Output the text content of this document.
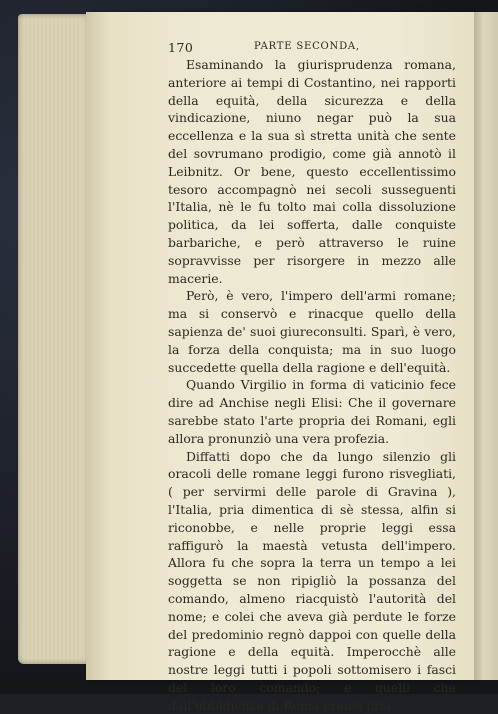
170	PARTE SECONDA,

Esaminando la giurisprudenza romana, anteriore ai tempi di Costantino, nei rapporti della equità, della sicurezza e della vindicazione, niuno negar può la sua eccellenza e la sua sì stretta unità che sente del sovrumano prodigio, come già annotò il Leibnitz. Or bene, questo eccellentissimo tesoro accompagnò nei secoli susseguenti l'Italia, nè le fu tolto mai colla dissoluzione politica, da lei sofferta, dalle conquiste barbariche, e però attraverso le ruine sopravvisse per risorgere in mezzo alle macerie.

Però, è vero, l'impero dell'armi romane; ma si conservò e rinacque quello della sapienza de' suoi giureconsulti. Sparì, è vero, la forza della conquista; ma in suo luogo succedette quella della ragione e dell'equità.

Quando Virgilio in forma di vaticinio fece dire ad Anchise negli Elisi: Che il governare sarebbe stato l'arte propria dei Romani, egli allora pronunziò una vera profezia.

Diffatti dopo che da lungo silenzio gli oracoli delle romane leggi furono risvegliati, ( per servirmi delle parole di Gravina ), l'Italia, pria dimentica di sè stessa, alfin si riconobbe, e nelle proprie leggi essa raffigurò la maestà vetusta dell'impero. Allora fu che sopra la terra un tempo a lei soggetta se non ripigliò la possanza del comando, almeno riacquistò l'autorità del nome; e colei che aveva già perdute le forze del predominio regnò dappoi con quelle della ragione e della equità. Imperocchè alle nostre leggi tutti i popoli sottomisero i fasci del loro comando; e quelli che dall'ubbidienza di Roma eransi pria
